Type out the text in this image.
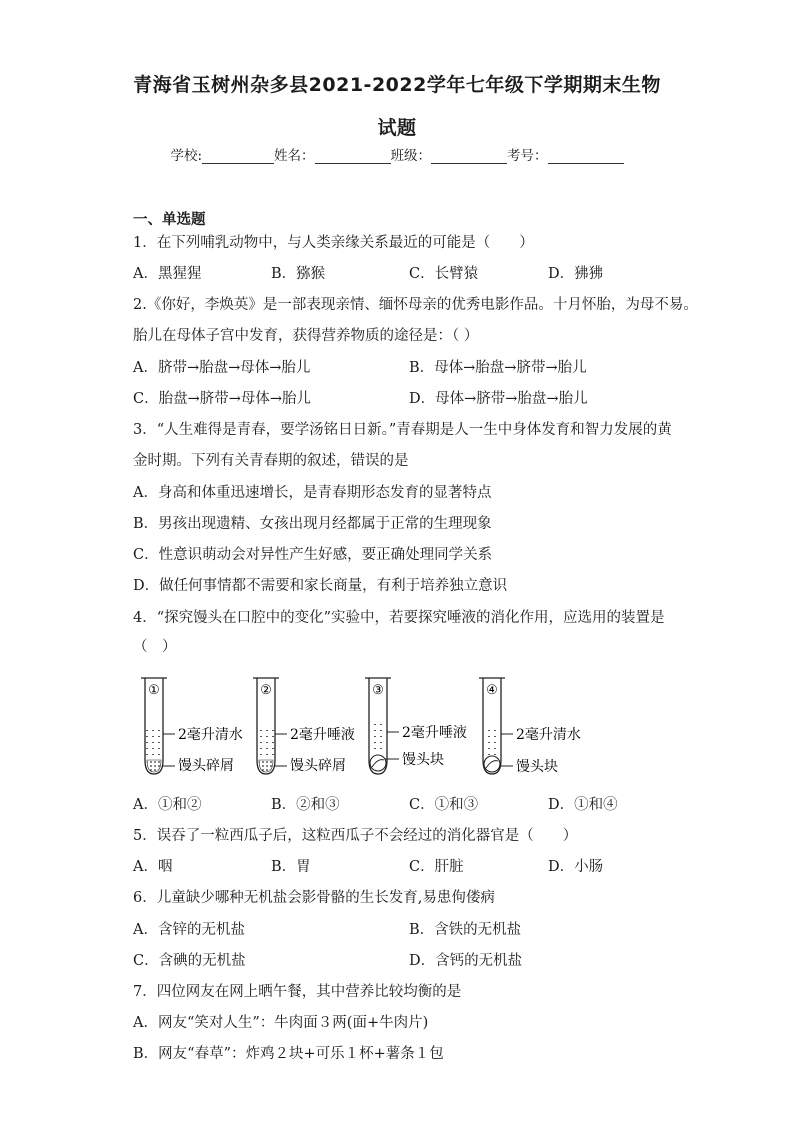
青海省玉树州杂多县2021-2022学年七年级下学期期末生物
试题
学校:	姓名：	班级：	考号：
一、单选题
1．在下列哺乳动物中，与人类亲缘关系最近的可能是（　　）
A．黑猩猩	B．猕猴	C．长臂猿	D．狒狒
2.《你好，李焕英》是一部表现亲情、缅怀母亲的优秀电影作品。十月怀胎，为母不易。
胎儿在母体子宫中发育，获得营养物质的途径是：（ ）
A．脐带→胎盘→母体→胎儿	B．母体→胎盘→脐带→胎儿
C．胎盘→脐带→母体→胎儿	D．母体→脐带→胎盘→胎儿
3．“人生难得是青春，要学汤铭日日新。”青春期是人一生中身体发育和智力发展的黄
金时期。下列有关青春期的叙述，错误的是
A．身高和体重迅速增长，是青春期形态发育的显著特点
B．男孩出现遗精、女孩出现月经都属于正常的生理现象
C．性意识萌动会对异性产生好感，要正确处理同学关系
D．做任何事情都不需要和家长商量，有利于培养独立意识
4．“探究馒头在口腔中的变化”实验中，若要探究唾液的消化作用，应选用的装置是
（　）
①
2毫升清水
馒头碎屑
②
2毫升唾液
馒头碎屑
③
2毫升唾液
馒头块
④
2毫升清水
馒头块
A．①和②	B．②和③	C．①和③	D．①和④
5．误吞了一粒西瓜子后，这粒西瓜子不会经过的消化器官是（　　）
A．咽	B．胃	C．肝脏	D．小肠
6．儿童缺少哪种无机盐会影骨骼的生长发育,易患佝偻病
A．含锌的无机盐	B．含铁的无机盐
C．含碘的无机盐	D．含钙的无机盐
7．四位网友在网上晒午餐，其中营养比较均衡的是
A．网友“笑对人生”：牛肉面３两(面+牛肉片)
B．网友“春草”：炸鸡２块+可乐１杯+薯条１包
